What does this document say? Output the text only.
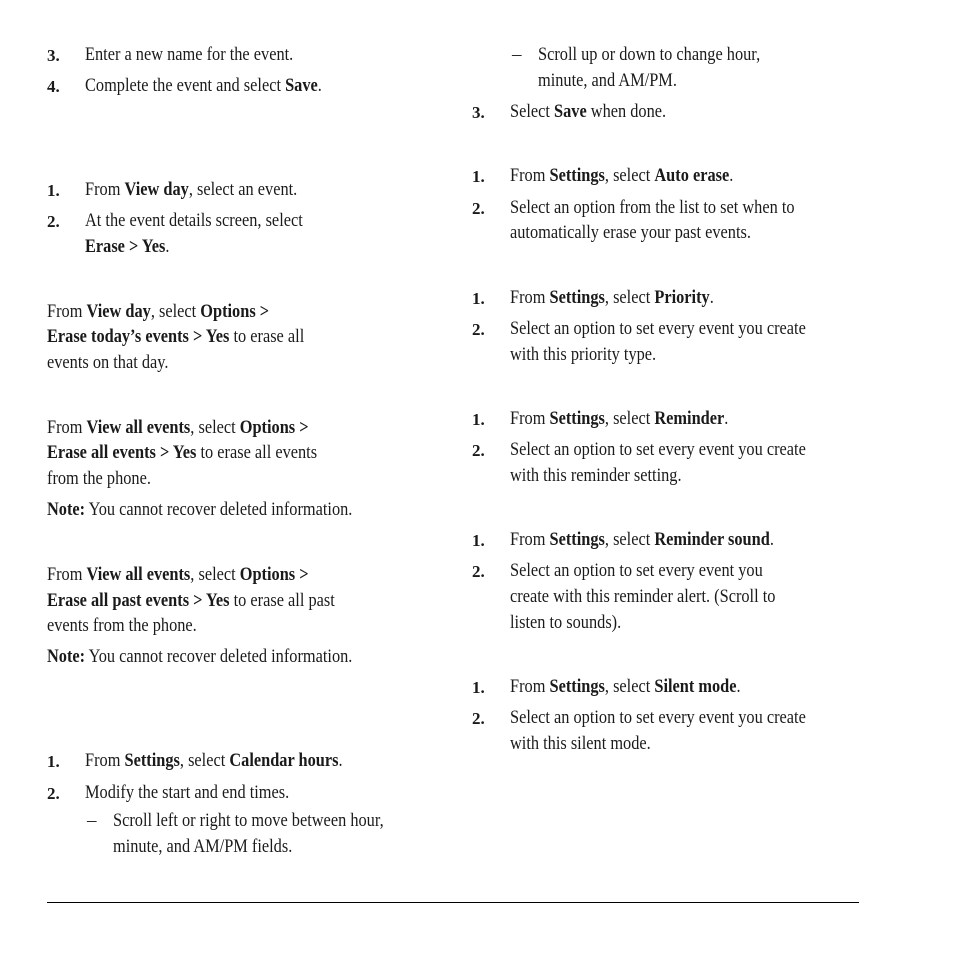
3. Enter a new name for the event.
4. Complete the event and select Save.
1. From View day, select an event.
2. At the event details screen, select
Erase > Yes.
From View day, select Options >
Erase today’s events > Yes to erase all
events on that day.
From View all events, select Options >
Erase all events > Yes to erase all events
from the phone.
Note: You cannot recover deleted information.
From View all events, select Options >
Erase all past events > Yes to erase all past
events from the phone.
Note: You cannot recover deleted information.
1. From Settings, select Calendar hours.
2. Modify the start and end times.
– Scroll left or right to move between hour,
minute, and AM/PM fields.
– Scroll up or down to change hour,
minute, and AM/PM.
3. Select Save when done.
1. From Settings, select Auto erase.
2. Select an option from the list to set when to
automatically erase your past events.
1. From Settings, select Priority.
2. Select an option to set every event you create
with this priority type.
1. From Settings, select Reminder.
2. Select an option to set every event you create
with this reminder setting.
1. From Settings, select Reminder sound.
2. Select an option to set every event you
create with this reminder alert. (Scroll to
listen to sounds).
1. From Settings, select Silent mode.
2. Select an option to set every event you create
with this silent mode.
